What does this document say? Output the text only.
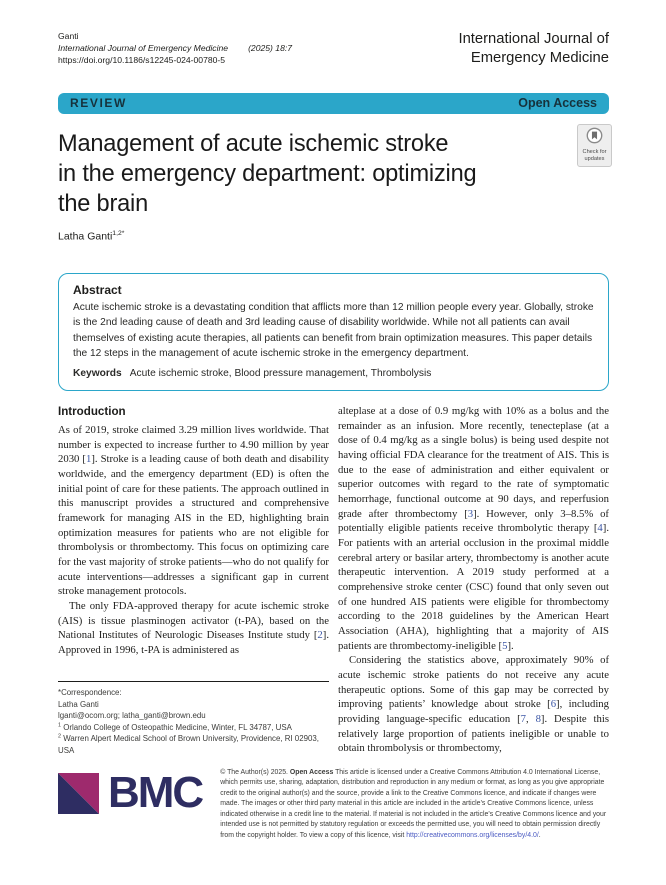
Ganti
International Journal of Emergency Medicine (2025) 18:7
https://doi.org/10.1186/s12245-024-00780-5
International Journal of
Emergency Medicine
REVIEW	Open Access
Management of acute ischemic stroke
in the emergency department: optimizing
the brain
Check for
updates
Latha Ganti$^{1,2*}$
Abstract
Acute ischemic stroke is a devastating condition that afflicts more than 12 million people every year. Globally, stroke is the 2nd leading cause of death and 3rd leading cause of disability worldwide. While not all patients can avail themselves of existing acute therapies, all patients can benefit from brain optimization measures. This paper details the 12 steps in the management of acute ischemic stroke in the emergency department.
Keywords Acute ischemic stroke, Blood pressure management, Thrombolysis
Introduction

As of 2019, stroke claimed 3.29 million lives worldwide. That number is expected to increase further to 4.90 million by year 2030 [1]. Stroke is a leading cause of both death and disability worldwide, and the emergency department (ED) is often the initial point of care for these patients. The approach outlined in this manuscript provides a structured and comprehensive framework for managing AIS in the ED, highlighting brain optimization measures for patients who are not eligible for thrombolysis or thrombectomy. This focus on optimizing care for the vast majority of stroke patients—who do not qualify for acute interventions—addresses a significant gap in current stroke management protocols.

The only FDA-approved therapy for acute ischemic stroke (AIS) is tissue plasminogen activator (t-PA), based on the National Institutes of Neurologic Diseases Institute study [2]. Approved in 1996, t-PA is administered as

*Correspondence:
Latha Ganti
lganti@ocom.org; latha_ganti@brown.edu
$^1$ Orlando College of Osteopathic Medicine, Winter, FL 34787, USA
$^2$ Warren Alpert Medical School of Brown University, Providence, RI 02903, USA

alteplase at a dose of 0.9 mg/kg with 10% as a bolus and the remainder as an infusion. More recently, tenecteplase (at a dose of 0.4 mg/kg as a single bolus) is being used despite not having official FDA clearance for the treatment of AIS. This is due to the ease of administration and either equivalent or superior outcomes with regard to the rate of symptomatic hemorrhage, functional outcome at 90 days, and reperfusion grade after thrombectomy [3]. However, only 3–8.5% of potentially eligible patients receive thrombolytic therapy [4]. For patients with an arterial occlusion in the proximal middle cerebral artery or basilar artery, thrombectomy is another acute therapeutic intervention. A 2019 study performed at a comprehensive stroke center (CSC) found that only seven out of one hundred AIS patients were eligible for thrombectomy according to the 2018 guidelines by the American Heart Association (AHA), highlighting that a majority of AIS patients are thrombectomy-ineligible [5].

Considering the statistics above, approximately 90% of acute ischemic stroke patients do not receive any acute therapeutic options. Some of this gap may be corrected by improving patients’ knowledge about stroke [6], including providing language-specific education [7, 8]. Despite this relatively large proportion of patients ineligible or unable to obtain thrombolysis or thrombectomy,

BMC	© The Author(s) 2025. Open Access This article is licensed under a Creative Commons Attribution 4.0 International License, which permits use, sharing, adaptation, distribution and reproduction in any medium or format, as long as you give appropriate credit to the original author(s) and the source, provide a link to the Creative Commons licence, and indicate if changes were made. The images or other third party material in this article are included in the article’s Creative Commons licence, unless indicated otherwise in a credit line to the material. If material is not included in the article’s Creative Commons licence and your intended use is not permitted by statutory regulation or exceeds the permitted use, you will need to obtain permission directly from the copyright holder. To view a copy of this licence, visit http://creativecommons.org/licenses/by/4.0/.
